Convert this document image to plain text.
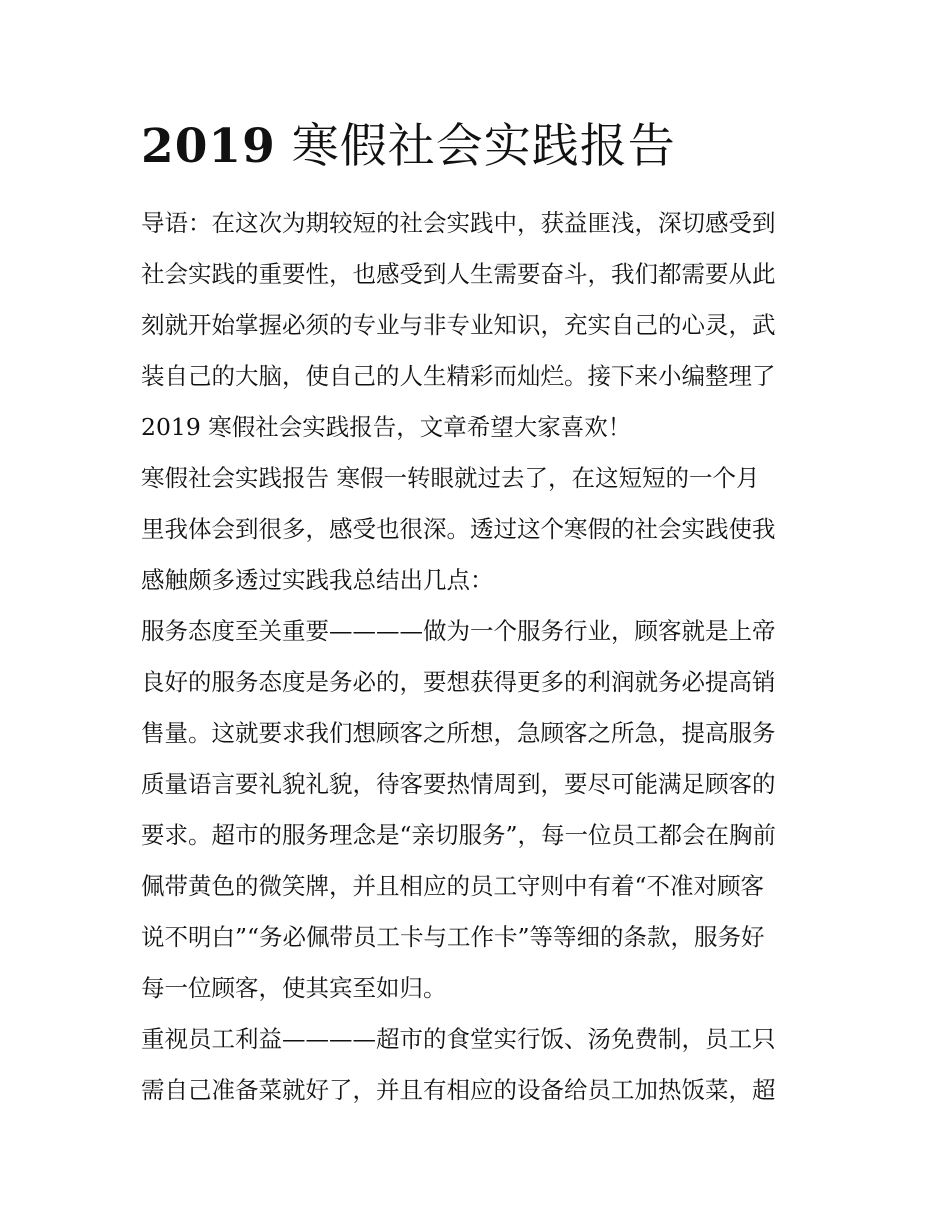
2019 寒假社会实践报告

导语：在这次为期较短的社会实践中，获益匪浅，深切感受到

社会实践的重要性，也感受到人生需要奋斗，我们都需要从此

刻就开始掌握必须的专业与非专业知识，充实自己的心灵，武

装自己的大脑，使自己的人生精彩而灿烂。接下来小编整理了

2019 寒假社会实践报告，文章希望大家喜欢！

寒假社会实践报告 寒假一转眼就过去了，在这短短的一个月

里我体会到很多，感受也很深。透过这个寒假的社会实践使我

感触颇多透过实践我总结出几点：

服务态度至关重要————做为一个服务行业，顾客就是上帝

良好的服务态度是务必的，要想获得更多的利润就务必提高销

售量。这就要求我们想顾客之所想，急顾客之所急，提高服务

质量语言要礼貌礼貌，待客要热情周到，要尽可能满足顾客的

要求。超市的服务理念是“亲切服务”，每一位员工都会在胸前

佩带黄色的微笑牌，并且相应的员工守则中有着“不准对顾客

说不明白”“务必佩带员工卡与工作卡”等等细的条款，服务好

每一位顾客，使其宾至如归。

重视员工利益————超市的食堂实行饭、汤免费制，员工只

需自己准备菜就好了，并且有相应的设备给员工加热饭菜，超
